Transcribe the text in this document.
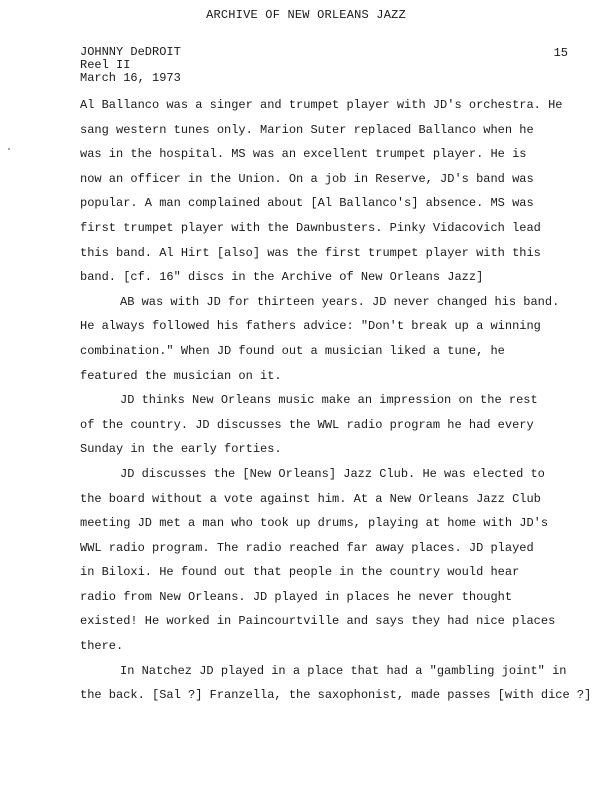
ARCHIVE OF NEW ORLEANS JAZZ
JOHNNY DeDROIT
Reel II
March 16, 1973
15
Al Ballanco was a singer and trumpet player with JD's orchestra. He
sang western tunes only. Marion Suter replaced Ballanco when he
was in the hospital. MS was an excellent trumpet player. He is
now an officer in the Union. On a job in Reserve, JD's band was
popular. A man complained about [Al Ballanco's] absence. MS was
first trumpet player with the Dawnbusters. Pinky Vidacovich lead
this band. Al Hirt [also] was the first trumpet player with this
band. [cf. 16" discs in the Archive of New Orleans Jazz]
AB was with JD for thirteen years. JD never changed his band.
He always followed his fathers advice: "Don't break up a winning
combination." When JD found out a musician liked a tune, he
featured the musician on it.
JD thinks New Orleans music make an impression on the rest
of the country. JD discusses the WWL radio program he had every
Sunday in the early forties.
JD discusses the [New Orleans] Jazz Club. He was elected to
the board without a vote against him. At a New Orleans Jazz Club
meeting JD met a man who took up drums, playing at home with JD's
WWL radio program. The radio reached far away places. JD played
in Biloxi. He found out that people in the country would hear
radio from New Orleans. JD played in places he never thought
existed! He worked in Paincourtville and says they had nice places
there.
In Natchez JD played in a place that had a "gambling joint" in
the back. [Sal ?] Franzella, the saxophonist, made passes [with dice ?]
